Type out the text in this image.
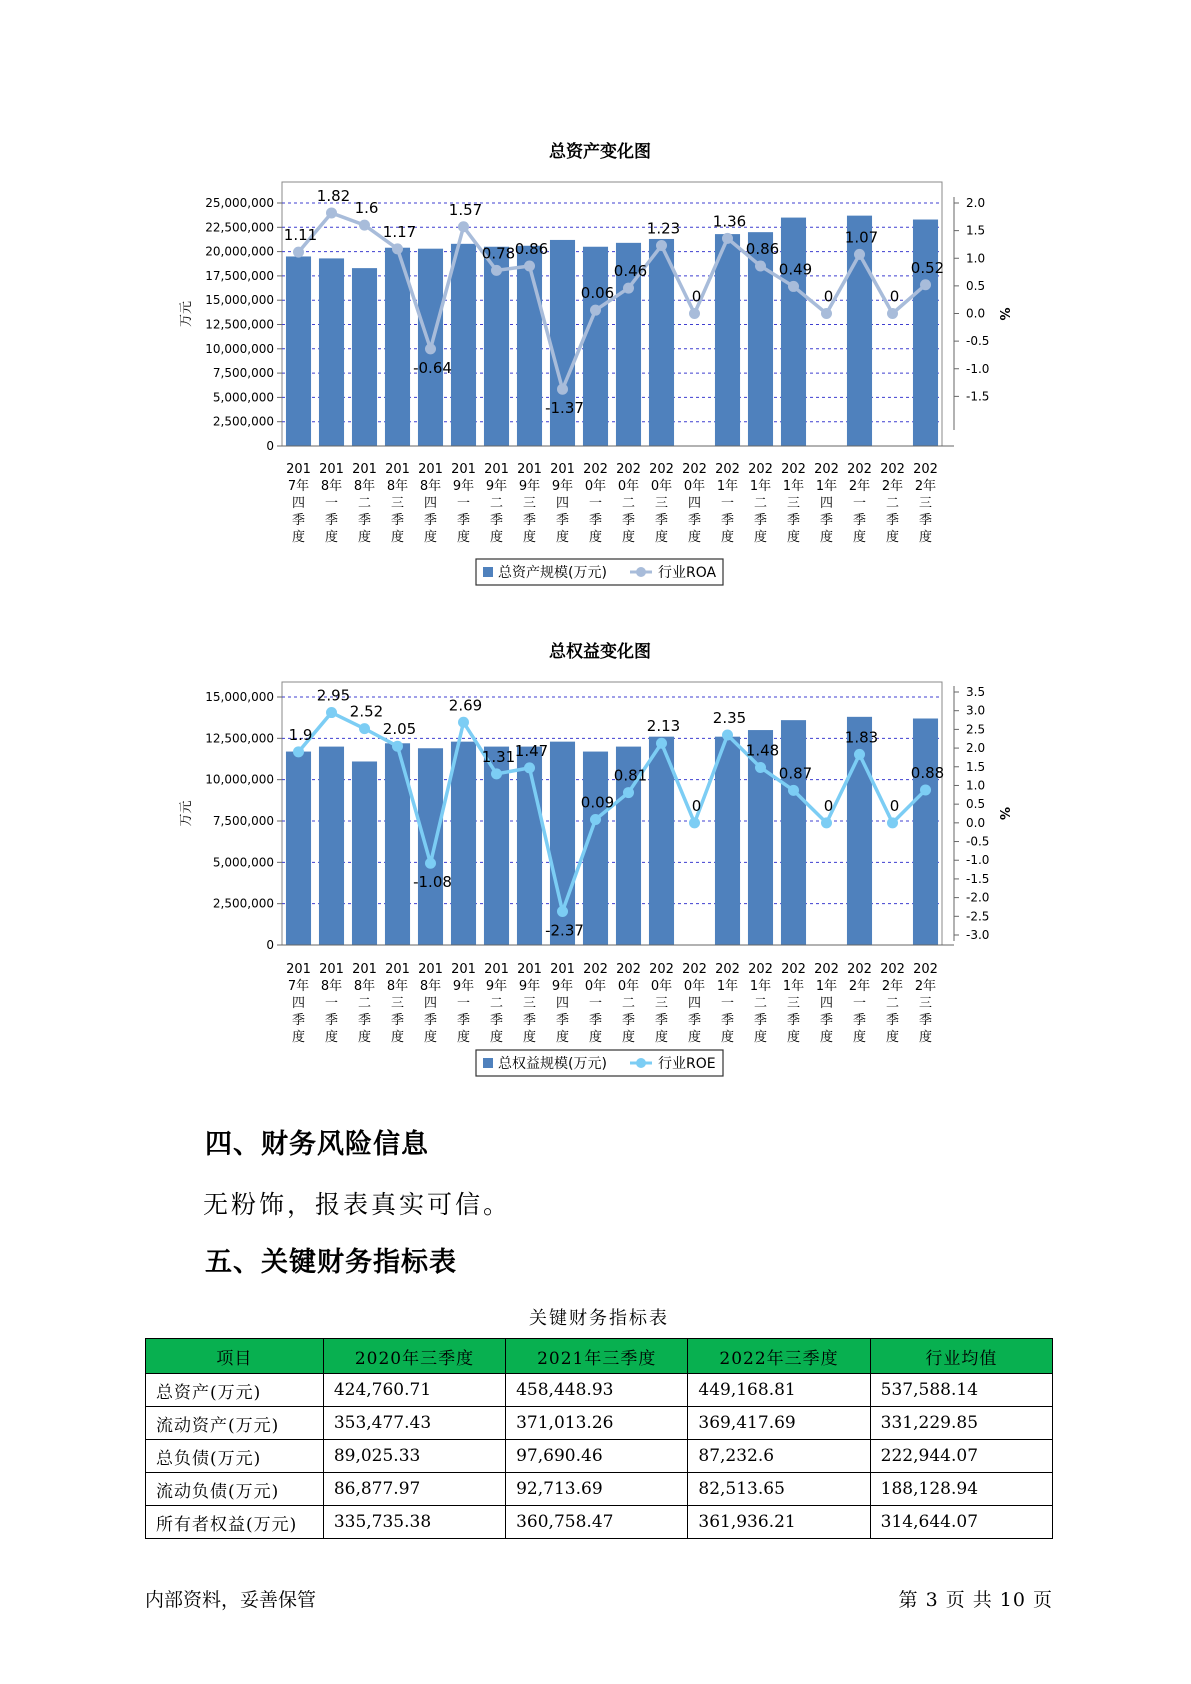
总资产变化图
25,000,000
22,500,000
20,000,000
17,500,000
15,000,000
12,500,000
10,000,000
7,500,000
5,000,000
2,500,000
0
万元
2.0
1.5
1.0
0.5
0.0
-0.5
-1.0
-1.5
%
1.11
1.82
1.6
1.17
-0.64
1.57
0.78 0.86
-1.37
0.06
0.46
1.23
0
1.36
0.86
0.49
0
1.07
0
0.52
201
7年
四
季
度
201
8年
一
季
度
201
8年
二
季
度
201
8年
三
季
度
201
8年
四
季
度
201
9年
一
季
度
201
9年
二
季
度
201
9年
三
季
度
201
9年
四
季
度
202
0年
一
季
度
202
0年
二
季
度
202
0年
三
季
度
202
0年
四
季
度
202
1年
一
季
度
202
1年
二
季
度
202
1年
三
季
度
202
1年
四
季
度
202
2年
一
季
度
202
2年
二
季
度
202
2年
三
季
度
总资产规模(万元)	行业ROA
总权益变化图
15,000,000
12,500,000
10,000,000
7,500,000
5,000,000
2,500,000
0
万元
3.5
3.0
2.5
2.0
1.5
1.0
0.5
0.0
-0.5
-1.0
-1.5
-2.0
-2.5
-3.0
%
1.9
2.95
2.52
2.05
-1.08
2.69
1.31 1.47
-2.37
0.09
0.81
2.13
0
2.35
1.48
0.87
0
1.83
0
0.88
201
7年
四
季
度
201
8年
一
季
度
201
8年
二
季
度
201
8年
三
季
度
201
8年
四
季
度
201
9年
一
季
度
201
9年
二
季
度
201
9年
三
季
度
201
9年
四
季
度
202
0年
一
季
度
202
0年
二
季
度
202
0年
三
季
度
202
0年
四
季
度
202
1年
一
季
度
202
1年
二
季
度
202
1年
三
季
度
202
1年
四
季
度
202
2年
一
季
度
202
2年
二
季
度
202
2年
三
季
度
总权益规模(万元)	行业ROE
四、财务风险信息
无粉饰，报表真实可信。
五、关键财务指标表
关键财务指标表
项目	2020年三季度	2021年三季度	2022年三季度	行业均值
总资产(万元)	424,760.71	458,448.93	449,168.81	537,588.14
流动资产(万元)	353,477.43	371,013.26	369,417.69	331,229.85
总负债(万元)	89,025.33	97,690.46	87,232.6	222,944.07
流动负债(万元)	86,877.97	92,713.69	82,513.65	188,128.94
所有者权益(万元)	335,735.38	360,758.47	361,936.21	314,644.07
内部资料，妥善保管	第 3 页 共 10 页
